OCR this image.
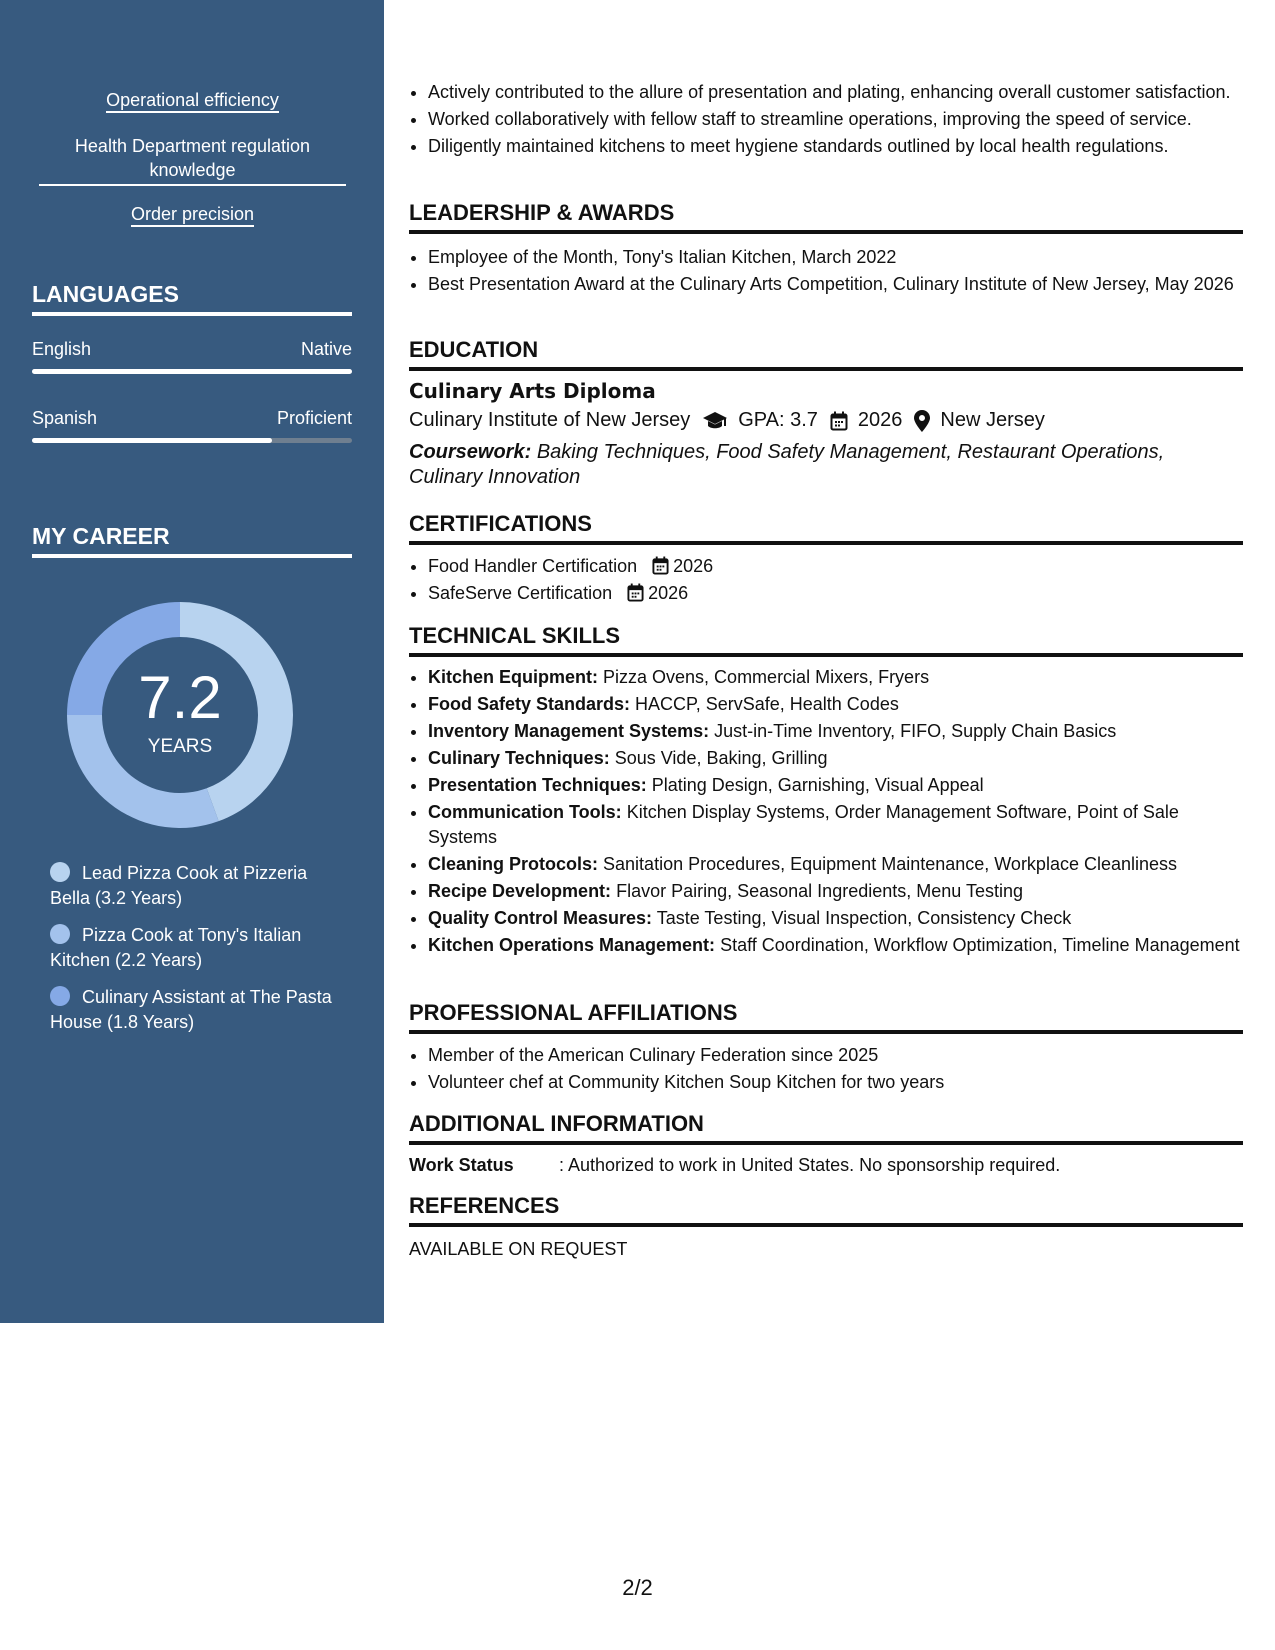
Operational efficiency
Health Department regulation knowledge
Order precision
LANGUAGES
English	Native
Spanish	Proficient
MY CAREER
7.2
YEARS
Lead Pizza Cook at Pizzeria Bella (3.2 Years)
Pizza Cook at Tony's Italian Kitchen (2.2 Years)
Culinary Assistant at The Pasta House (1.8 Years)
• Actively contributed to the allure of presentation and plating, enhancing overall customer satisfaction.
• Worked collaboratively with fellow staff to streamline operations, improving the speed of service.
• Diligently maintained kitchens to meet hygiene standards outlined by local health regulations.
LEADERSHIP & AWARDS
• Employee of the Month, Tony's Italian Kitchen, March 2022
• Best Presentation Award at the Culinary Arts Competition, Culinary Institute of New Jersey, May 2026
EDUCATION
Culinary Arts Diploma
Culinary Institute of New Jersey GPA: 3.7 2026 New Jersey
Coursework: Baking Techniques, Food Safety Management, Restaurant Operations, Culinary Innovation
CERTIFICATIONS
• Food Handler Certification 2026
• SafeServe Certification 2026
TECHNICAL SKILLS
• Kitchen Equipment: Pizza Ovens, Commercial Mixers, Fryers
• Food Safety Standards: HACCP, ServSafe, Health Codes
• Inventory Management Systems: Just-in-Time Inventory, FIFO, Supply Chain Basics
• Culinary Techniques: Sous Vide, Baking, Grilling
• Presentation Techniques: Plating Design, Garnishing, Visual Appeal
• Communication Tools: Kitchen Display Systems, Order Management Software, Point of Sale Systems
• Cleaning Protocols: Sanitation Procedures, Equipment Maintenance, Workplace Cleanliness
• Recipe Development: Flavor Pairing, Seasonal Ingredients, Menu Testing
• Quality Control Measures: Taste Testing, Visual Inspection, Consistency Check
• Kitchen Operations Management: Staff Coordination, Workflow Optimization, Timeline Management
PROFESSIONAL AFFILIATIONS
• Member of the American Culinary Federation since 2025
• Volunteer chef at Community Kitchen Soup Kitchen for two years
ADDITIONAL INFORMATION
Work Status	: Authorized to work in United States. No sponsorship required.
REFERENCES
AVAILABLE ON REQUEST
2/2
